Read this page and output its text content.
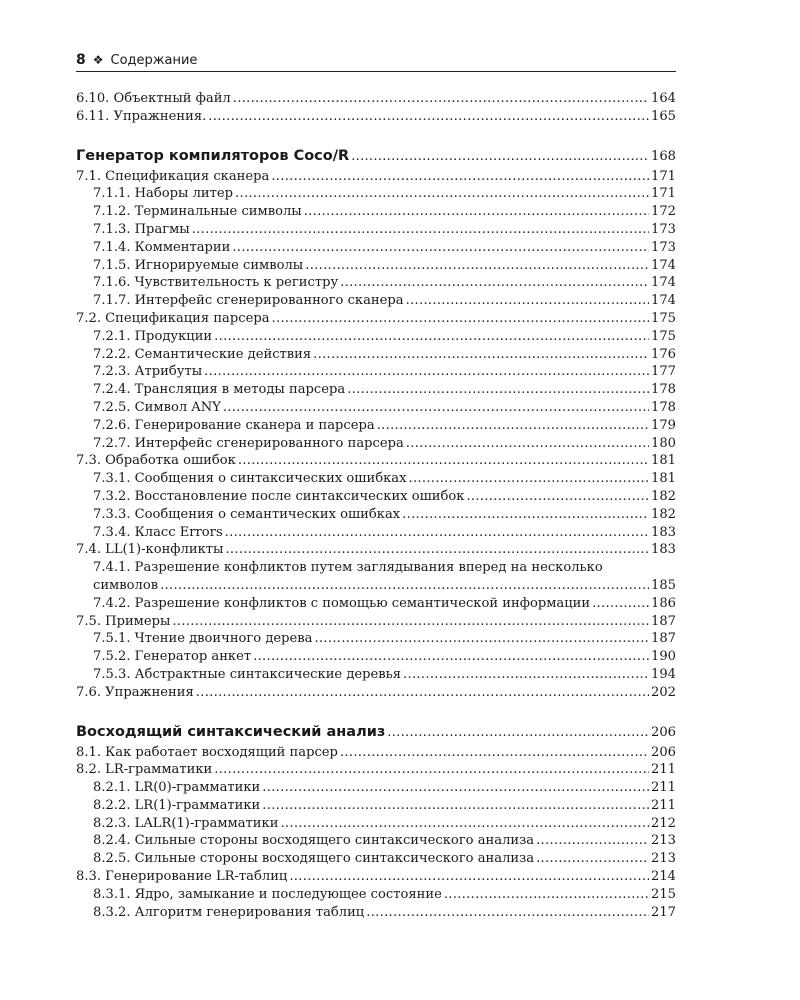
8 ❖ Содержание
6.10. Объектный файл .....	164
6.11. Упражнения. .....	165
Генератор компиляторов Coco/R .....	168
7.1. Спецификация сканера .....	171
7.1.1. Наборы литер .....	171
7.1.2. Терминальные символы .....	172
7.1.3. Прагмы .....	173
7.1.4. Комментарии .....	173
7.1.5. Игнорируемые символы .....	174
7.1.6. Чувствительность к регистру .....	174
7.1.7. Интерфейс сгенерированного сканера .....	174
7.2. Спецификация парсера .....	175
7.2.1. Продукции .....	175
7.2.2. Семантические действия .....	176
7.2.3. Атрибуты .....	177
7.2.4. Трансляция в методы парсера .....	178
7.2.5. Символ ANY .....	178
7.2.6. Генерирование сканера и парсера .....	179
7.2.7. Интерфейс сгенерированного парсера .....	180
7.3. Обработка ошибок .....	181
7.3.1. Сообщения о синтаксических ошибках .....	181
7.3.2. Восстановление после синтаксических ошибок .....	182
7.3.3. Сообщения о семантических ошибках .....	182
7.3.4. Класс Errors .....	183
7.4. LL(1)-конфликты .....	183
7.4.1. Разрешение конфликтов путем заглядывания вперед на несколько
символов .....	185
7.4.2. Разрешение конфликтов с помощью семантической информации .....	186
7.5. Примеры .....	187
7.5.1. Чтение двоичного дерева .....	187
7.5.2. Генератор анкет .....	190
7.5.3. Абстрактные синтаксические деревья .....	194
7.6. Упражнения .....	202
Восходящий синтаксический анализ .....	206
8.1. Как работает восходящий парсер .....	206
8.2. LR-грамматики .....	211
8.2.1. LR(0)-грамматики .....	211
8.2.2. LR(1)-грамматики .....	211
8.2.3. LALR(1)-грамматики .....	212
8.2.4. Сильные стороны восходящего синтаксического анализа .....	213
8.2.5. Сильные стороны восходящего синтаксического анализа .....	213
8.3. Генерирование LR-таблиц .....	214
8.3.1. Ядро, замыкание и последующее состояние .....	215
8.3.2. Алгоритм генерирования таблиц .....	217
